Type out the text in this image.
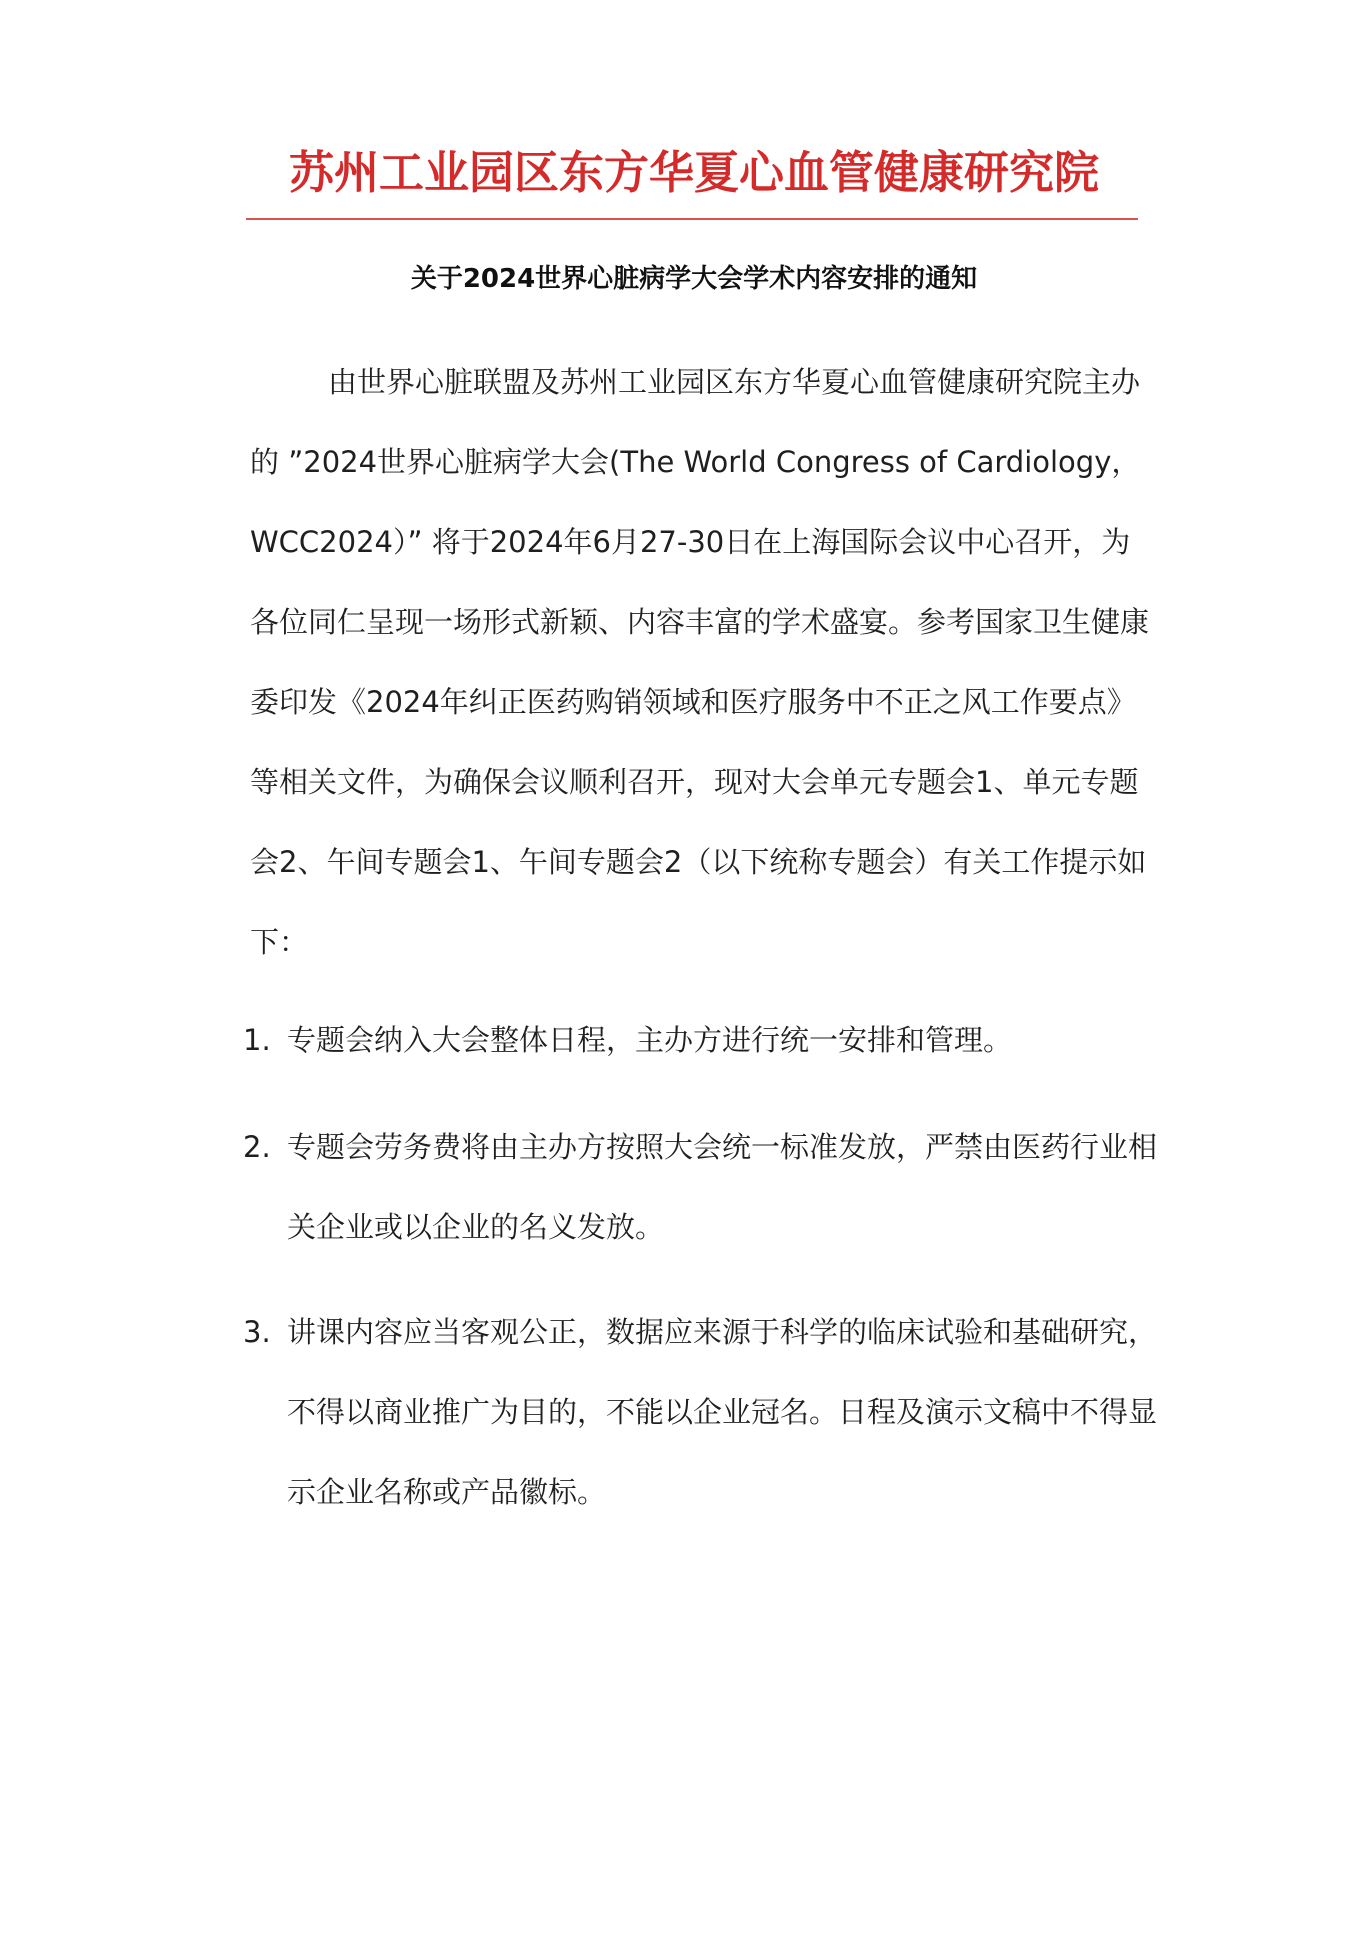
苏州工业园区东方华夏心血管健康研究院
关于2024世界心脏病学大会学术内容安排的通知
由世界心脏联盟及苏州工业园区东方华夏心血管健康研究院主办的 ”2024世界心脏病学大会(The World Congress of Cardiology，WCC2024）” 将于2024年6月27-30日在上海国际会议中心召开，为各位同仁呈现一场形式新颖、内容丰富的学术盛宴。参考国家卫生健康委印发《2024年纠正医药购销领域和医疗服务中不正之风工作要点》等相关文件，为确保会议顺利召开，现对大会单元专题会1、单元专题会2、午间专题会1、午间专题会2（以下统称专题会）有关工作提示如下：
1. 专题会纳入大会整体日程，主办方进行统一安排和管理。
2. 专题会劳务费将由主办方按照大会统一标准发放，严禁由医药行业相关企业或以企业的名义发放。
3. 讲课内容应当客观公正，数据应来源于科学的临床试验和基础研究，不得以商业推广为目的，不能以企业冠名。日程及演示文稿中不得显示企业名称或产品徽标。
